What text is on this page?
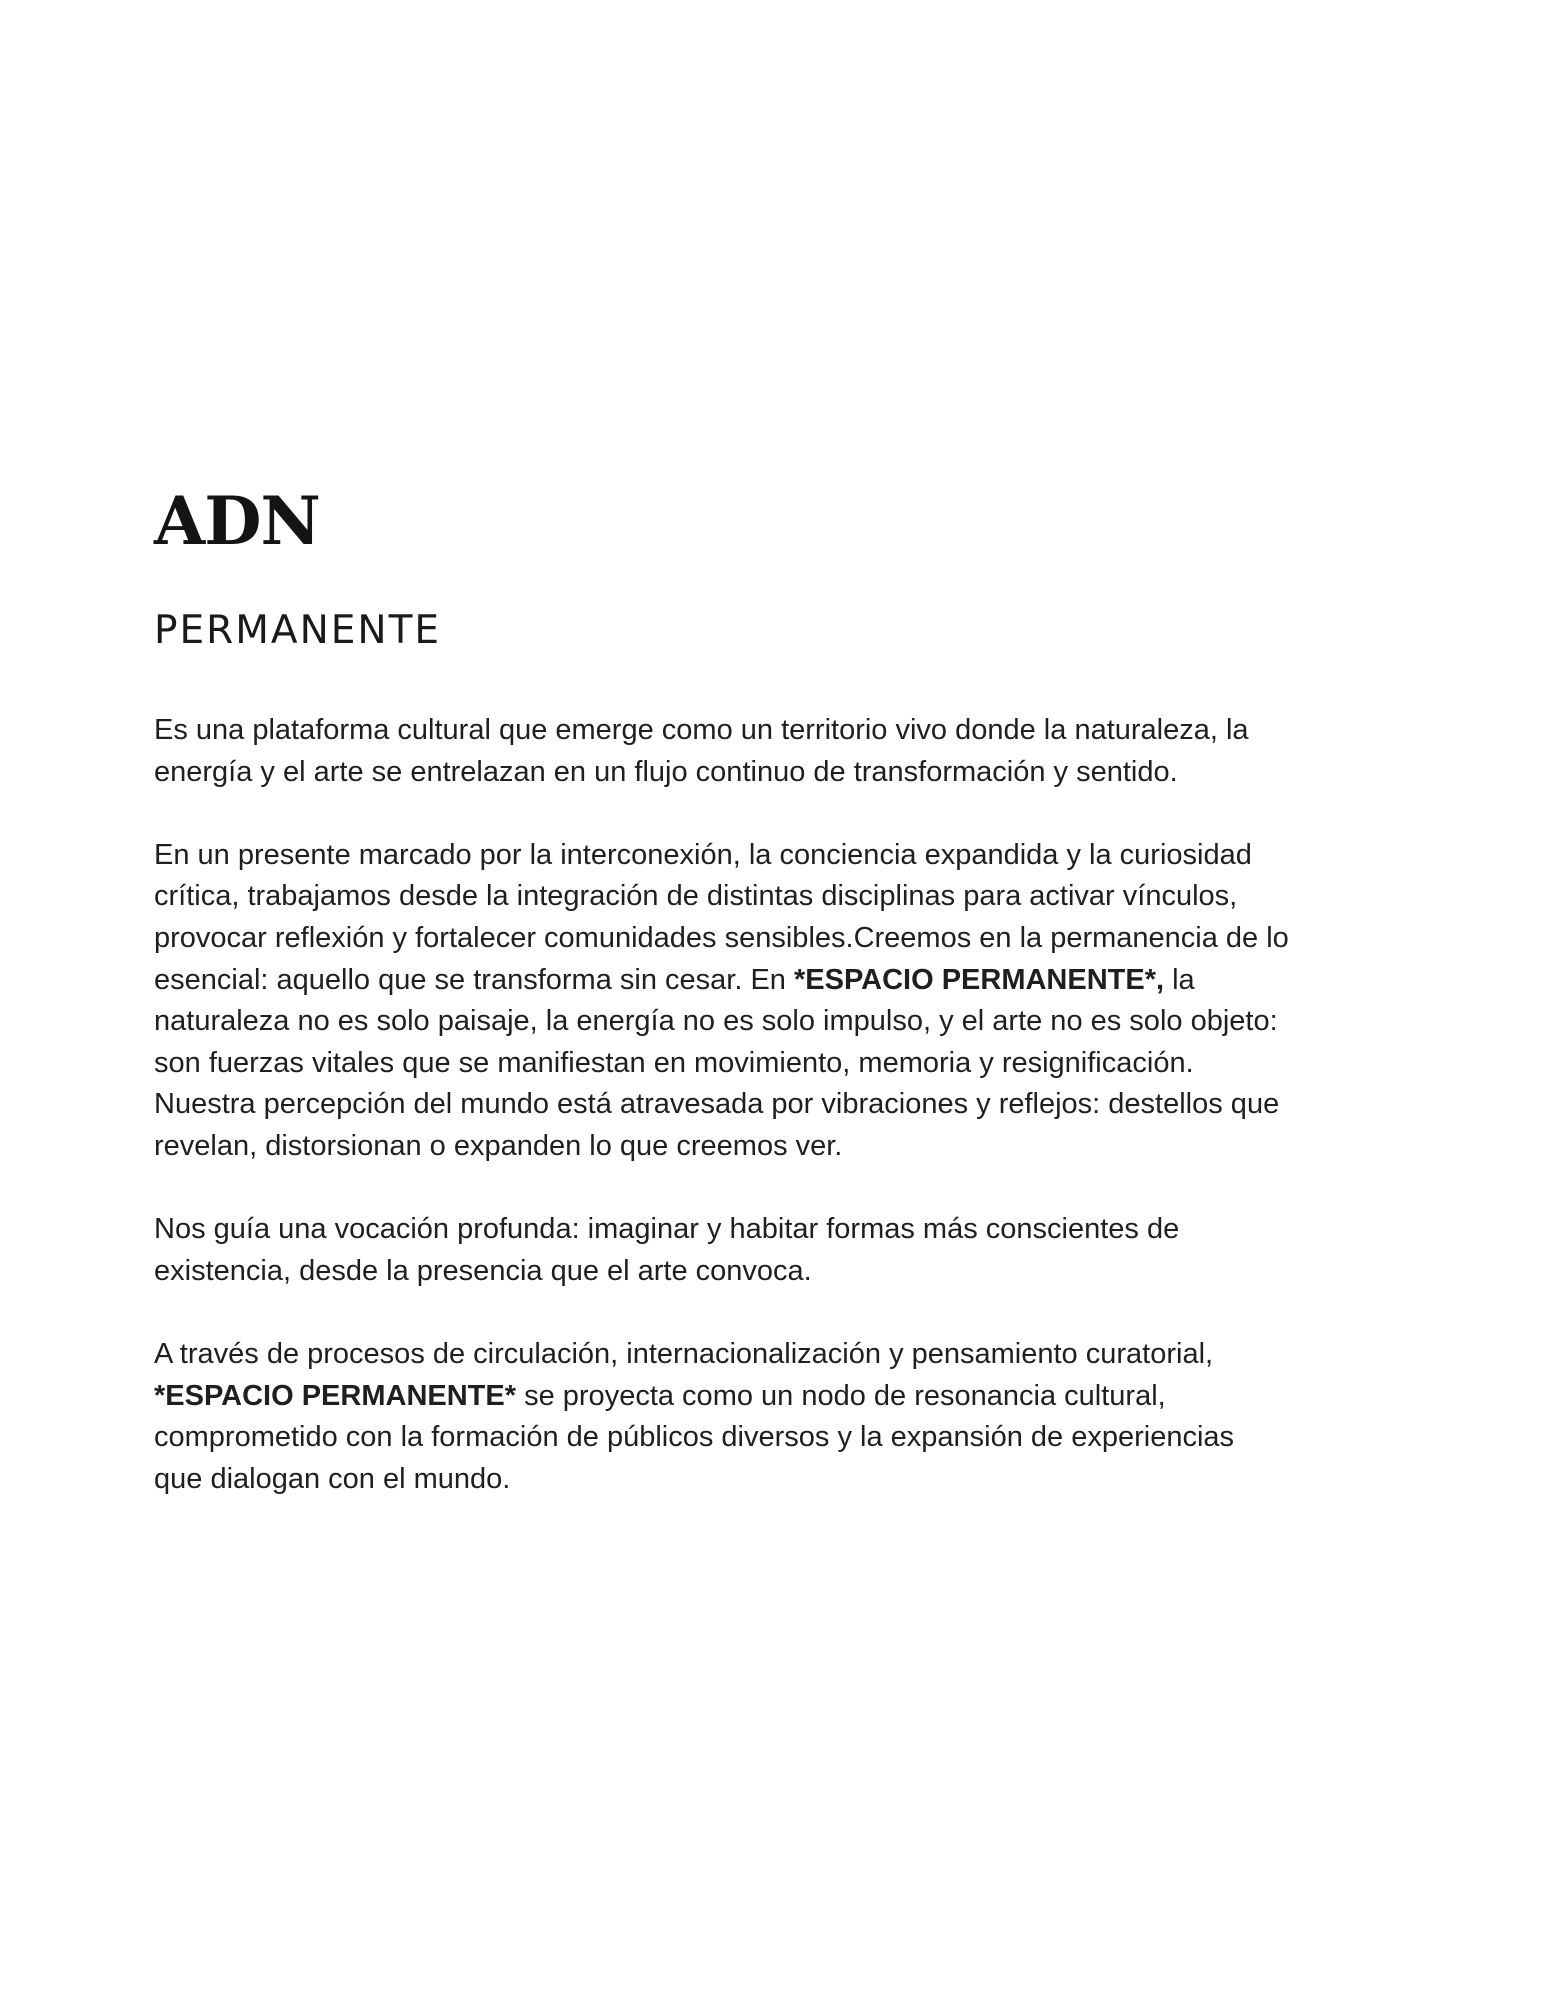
ADN
PERMANENTE

Es una plataforma cultural que emerge como un territorio vivo donde la naturaleza, la
energía y el arte se entrelazan en un flujo continuo de transformación y sentido.

En un presente marcado por la interconexión, la conciencia expandida y la curiosidad
crítica, trabajamos desde la integración de distintas disciplinas para activar vínculos,
provocar reflexión y fortalecer comunidades sensibles.Creemos en la permanencia de lo
esencial: aquello que se transforma sin cesar. En *ESPACIO PERMANENTE*, la
naturaleza no es solo paisaje, la energía no es solo impulso, y el arte no es solo objeto:
son fuerzas vitales que se manifiestan en movimiento, memoria y resignificación.
Nuestra percepción del mundo está atravesada por vibraciones y reflejos: destellos que
revelan, distorsionan o expanden lo que creemos ver.

Nos guía una vocación profunda: imaginar y habitar formas más conscientes de
existencia, desde la presencia que el arte convoca.

A través de procesos de circulación, internacionalización y pensamiento curatorial,
*ESPACIO PERMANENTE* se proyecta como un nodo de resonancia cultural,
comprometido con la formación de públicos diversos y la expansión de experiencias
que dialogan con el mundo.
